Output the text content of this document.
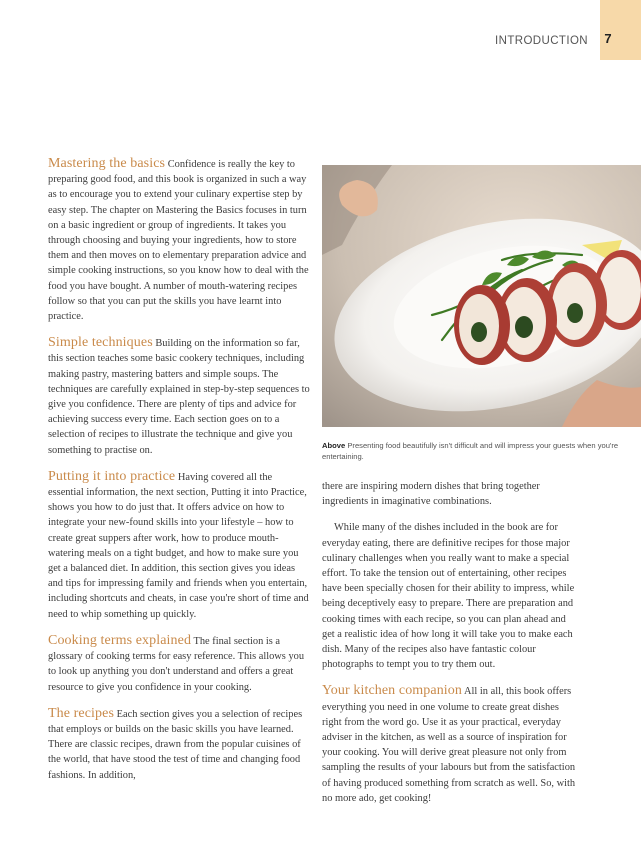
7
INTRODUCTION

Mastering the basics Confidence is really the key to preparing good food, and this book is organized in such a way as to encourage you to extend your culinary expertise step by easy step. The chapter on Mastering the Basics focuses in turn on a basic ingredient or group of ingredients. It takes you through choosing and buying your ingredients, how to store them and then moves on to elementary preparation advice and simple cooking instructions, so you know how to deal with the food you have bought. A number of mouth-watering recipes follow so that you can put the skills you have learnt into practice.

Simple techniques Building on the information so far, this section teaches some basic cookery techniques, including making pastry, mastering batters and simple soups. The techniques are carefully explained in step-by-step sequences to give you confidence. There are plenty of tips and advice for achieving success every time. Each section goes on to a selection of recipes to illustrate the technique and give you something to practise on.

Putting it into practice Having covered all the essential information, the next section, Putting it into Practice, shows you how to do just that. It offers advice on how to integrate your new-found skills into your lifestyle – how to create great suppers after work, how to produce mouth-watering meals on a tight budget, and how to make sure you get a balanced diet. In addition, this section gives you ideas and tips for impressing family and friends when you entertain, including shortcuts and cheats, in case you're short of time and need to whip something up quickly.

Cooking terms explained The final section is a glossary of cooking terms for easy reference. This allows you to look up anything you don't understand and offers a great resource to give you confidence in your cooking.

The recipes Each section gives you a selection of recipes that employs or builds on the basic skills you have learned. There are classic recipes, drawn from the popular cuisines of the world, that have stood the test of time and changing food fashions. In addition,

Above Presenting food beautifully isn't difficult and will impress your guests when you're entertaining.

there are inspiring modern dishes that bring together ingredients in imaginative combinations.

While many of the dishes included in the book are for everyday eating, there are definitive recipes for those major culinary challenges when you really want to make a special effort. To take the tension out of entertaining, other recipes have been specially chosen for their ability to impress, while being deceptively easy to prepare. There are preparation and cooking times with each recipe, so you can plan ahead and get a realistic idea of how long it will take you to make each dish. Many of the recipes also have fantastic colour photographs to tempt you to try them out.

Your kitchen companion All in all, this book offers everything you need in one volume to create great dishes right from the word go. Use it as your practical, everyday adviser in the kitchen, as well as a source of inspiration for your cooking. You will derive great pleasure not only from sampling the results of your labours but from the satisfaction of having produced something from scratch as well. So, with no more ado, get cooking!
